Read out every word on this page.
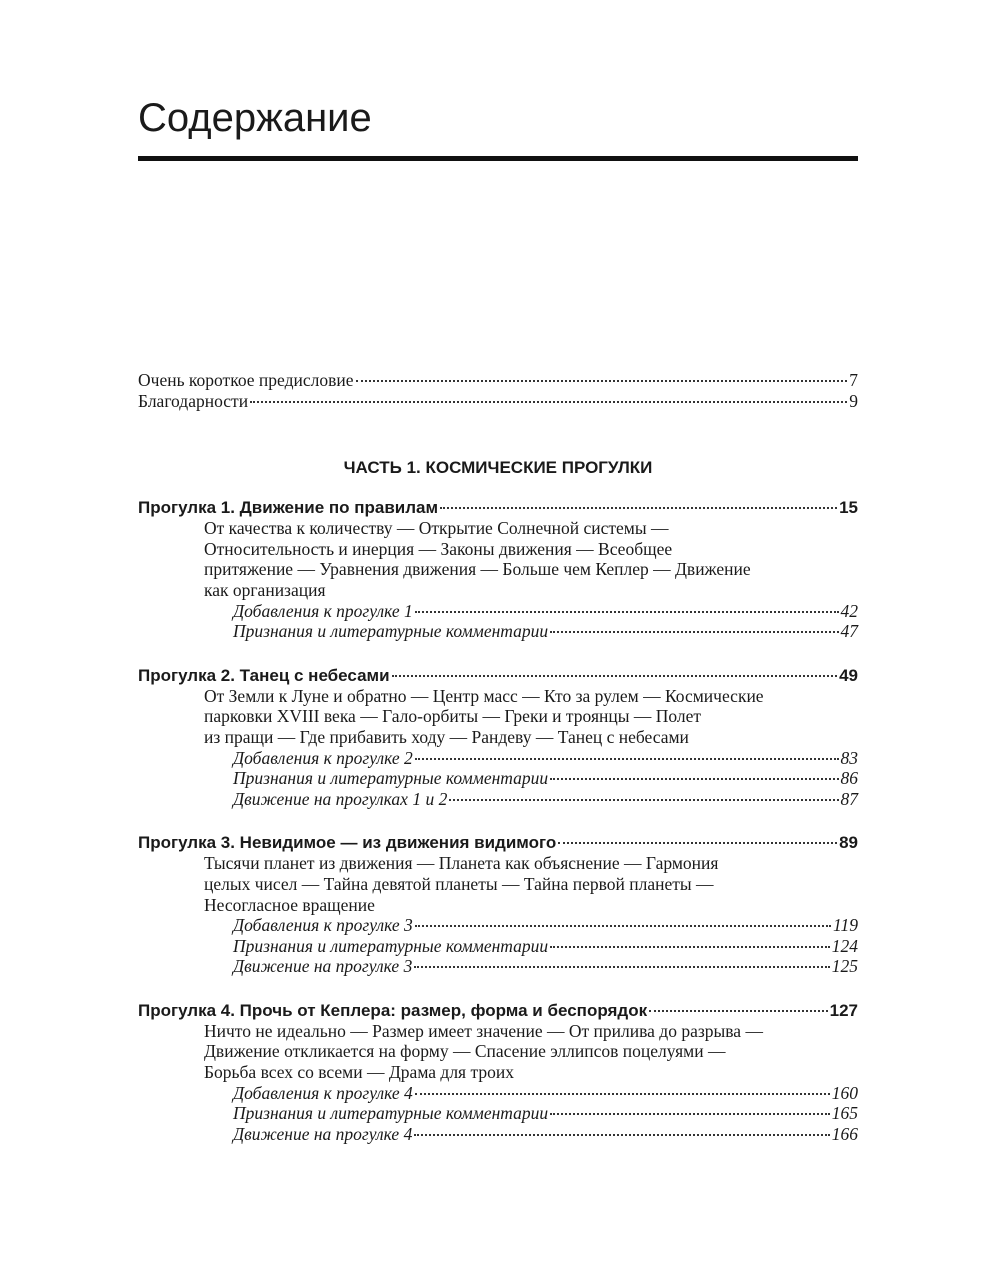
Содержание
Очень короткое предисловие	7
Благодарности	9
ЧАСТЬ 1. КОСМИЧЕСКИЕ ПРОГУЛКИ
Прогулка 1. Движение по правилам	15
От качества к количеству — Открытие Солнечной системы —
Относительность и инерция — Законы движения — Всеобщее
притяжение — Уравнения движения — Больше чем Кеплер — Движение
как организация
Добавления к прогулке 1	42
Признания и литературные комментарии	47
Прогулка 2. Танец с небесами	49
От Земли к Луне и обратно — Центр масс — Кто за рулем — Космические
парковки XVIII века — Гало-орбиты — Греки и троянцы — Полет
из пращи — Где прибавить ходу — Рандеву — Танец с небесами
Добавления к прогулке 2	83
Признания и литературные комментарии	86
Движение на прогулках 1 и 2	87
Прогулка 3. Невидимое — из движения видимого	89
Тысячи планет из движения — Планета как объяснение — Гармония
целых чисел — Тайна девятой планеты — Тайна первой планеты —
Несогласное вращение
Добавления к прогулке 3	119
Признания и литературные комментарии	124
Движение на прогулке 3	125
Прогулка 4. Прочь от Кеплера: размер, форма и беспорядок	127
Ничто не идеально — Размер имеет значение — От прилива до разрыва —
Движение откликается на форму — Спасение эллипсов поцелуями —
Борьба всех со всеми — Драма для троих
Добавления к прогулке 4	160
Признания и литературные комментарии	165
Движение на прогулке 4	166
